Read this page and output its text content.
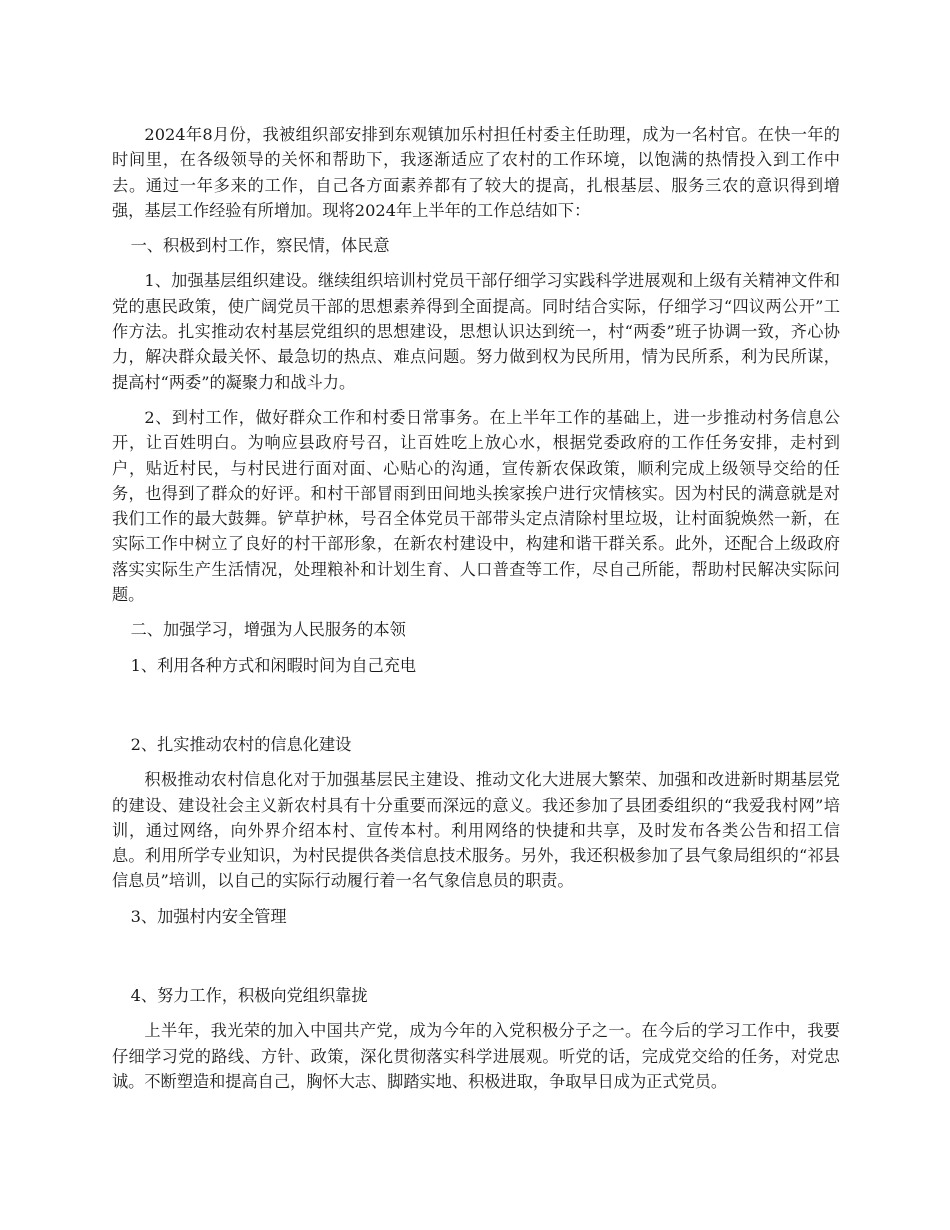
2024年8月份，我被组织部安排到东观镇加乐村担任村委主任助理，成为一名村官。在快一年的时间里，在各级领导的关怀和帮助下，我逐渐适应了农村的工作环境，以饱满的热情投入到工作中去。通过一年多来的工作，自己各方面素养都有了较大的提高，扎根基层、服务三农的意识得到增强，基层工作经验有所增加。现将2024年上半年的工作总结如下：

一、积极到村工作，察民情，体民意

1、加强基层组织建设。继续组织培训村党员干部仔细学习实践科学进展观和上级有关精神文件和党的惠民政策，使广阔党员干部的思想素养得到全面提高。同时结合实际，仔细学习“四议两公开”工作方法。扎实推动农村基层党组织的思想建设，思想认识达到统一，村“两委”班子协调一致，齐心协力，解决群众最关怀、最急切的热点、难点问题。努力做到权为民所用，情为民所系，利为民所谋，提高村“两委”的凝聚力和战斗力。

2、到村工作，做好群众工作和村委日常事务。在上半年工作的基础上，进一步推动村务信息公开，让百姓明白。为响应县政府号召，让百姓吃上放心水，根据党委政府的工作任务安排，走村到户，贴近村民，与村民进行面对面、心贴心的沟通，宣传新农保政策，顺利完成上级领导交给的任务，也得到了群众的好评。和村干部冒雨到田间地头挨家挨户进行灾情核实。因为村民的满意就是对我们工作的最大鼓舞。铲草护林，号召全体党员干部带头定点清除村里垃圾，让村面貌焕然一新，在实际工作中树立了良好的村干部形象，在新农村建设中，构建和谐干群关系。此外，还配合上级政府落实实际生产生活情况，处理粮补和计划生育、人口普查等工作，尽自己所能，帮助村民解决实际问题。

二、加强学习，增强为人民服务的本领

1、利用各种方式和闲暇时间为自己充电

2、扎实推动农村的信息化建设

积极推动农村信息化对于加强基层民主建设、推动文化大进展大繁荣、加强和改进新时期基层党的建设、建设社会主义新农村具有十分重要而深远的意义。我还参加了县团委组织的“我爱我村网”培训，通过网络，向外界介绍本村、宣传本村。利用网络的快捷和共享，及时发布各类公告和招工信息。利用所学专业知识，为村民提供各类信息技术服务。另外，我还积极参加了县气象局组织的“祁县信息员”培训，以自己的实际行动履行着一名气象信息员的职责。

3、加强村内安全管理

4、努力工作，积极向党组织靠拢

上半年，我光荣的加入中国共产党，成为今年的入党积极分子之一。在今后的学习工作中，我要仔细学习党的路线、方针、政策，深化贯彻落实科学进展观。听党的话，完成党交给的任务，对党忠诚。不断塑造和提高自己，胸怀大志、脚踏实地、积极进取，争取早日成为正式党员。
